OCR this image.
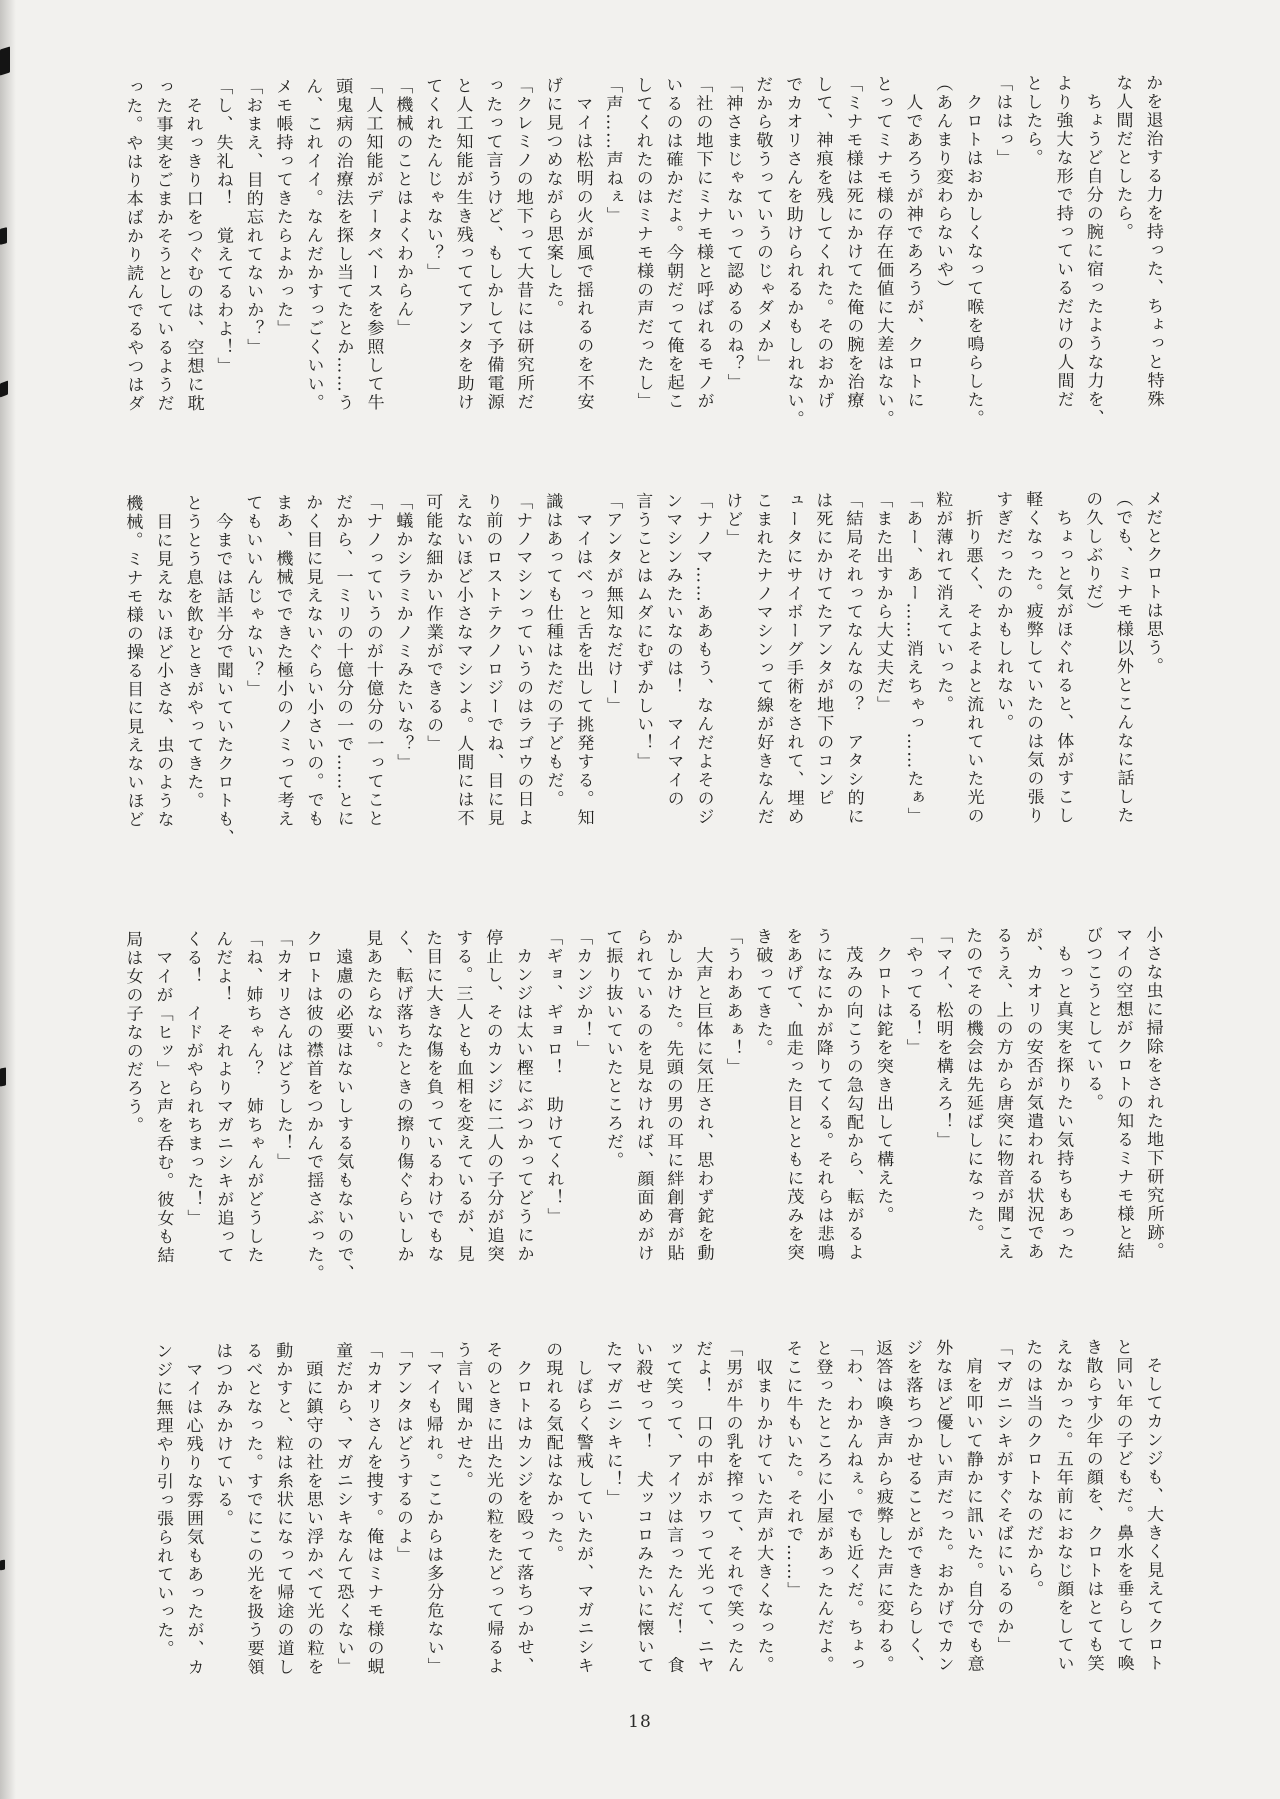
かを退治する力を持った、ちょっと特殊

な人間だとしたら。

　ちょうど自分の腕に宿ったような力を、

より強大な形で持っているだけの人間だ

としたら。

「ははっ」

　クロトはおかしくなって喉を鳴らした。

（あんまり変わらないや）

　人であろうが神であろうが、クロトに

とってミナモ様の存在価値に大差はない。

「ミナモ様は死にかけてた俺の腕を治療

して、神痕を残してくれた。そのおかげ

でカオリさんを助けられるかもしれない。

だから敬うっていうのじゃダメか」

「神さまじゃないって認めるのね？」

「社の地下にミナモ様と呼ばれるモノが

いるのは確かだよ。今朝だって俺を起こ

してくれたのはミナモ様の声だったし」

「声……声ねぇ」

　マイは松明の火が風で揺れるのを不安

げに見つめながら思案した。

「クレミノの地下って大昔には研究所だ

ったって言うけど、もしかして予備電源

と人工知能が生き残っててアンタを助け

てくれたんじゃない？」

「機械のことはよくわからん」

「人工知能がデータベースを参照して牛

頭鬼病の治療法を探し当てたとか……う

ん、これイイ。なんだかすっごくいい。

メモ帳持ってきたらよかった」

「おまえ、目的忘れてないか？」

「し、失礼ね！　覚えてるわよ！」

　それっきり口をつぐむのは、空想に耽

った事実をごまかそうとしているようだ

った。やはり本ばかり読んでるやつはダ

メだとクロトは思う。

（でも、ミナモ様以外とこんなに話した

の久しぶりだ）

　ちょっと気がほぐれると、体がすこし

軽くなった。疲弊していたのは気の張り

すぎだったのかもしれない。

　折り悪く、そよそよと流れていた光の

粒が薄れて消えていった。

「あー、あー……消えちゃっ……たぁ」

「また出すから大丈夫だ」

「結局それってなんなの？　アタシ的に

は死にかけてたアンタが地下のコンピ

ュータにサイボーグ手術をされて、埋め

こまれたナノマシンって線が好きなんだ

けど」

「ナノマ……ああもう、なんだよそのジ

ンマシンみたいなのは！　マイマイの

言うことはムダにむずかしい！」

「アンタが無知なだけー」

　マイはべっと舌を出して挑発する。知

識はあっても仕種はただの子どもだ。

「ナノマシンっていうのはラゴウの日よ

り前のロストテクノロジーでね、目に見

えないほど小さなマシンよ。人間には不

可能な細かい作業ができるの」

「蟻かシラミかノミみたいな？」

「ナノっていうのが十億分の一ってこと

だから、一ミリの十億分の一で……とに

かく目に見えないぐらい小さいの。でも

まあ、機械でできた極小のノミって考え

てもいいんじゃない？」

　今までは話半分で聞いていたクロトも、

とうとう息を飲むときがやってきた。

　目に見えないほど小さな、虫のような

機械。ミナモ様の操る目に見えないほど

小さな虫に掃除をされた地下研究所跡。

マイの空想がクロトの知るミナモ様と結

びつこうとしている。

　もっと真実を探りたい気持ちもあった

が、カオリの安否が気遣われる状況であ

るうえ、上の方から唐突に物音が聞こえ

たのでその機会は先延ばしになった。

「マイ、松明を構えろ！」

「やってる！」

　クロトは鉈を突き出して構えた。

　茂みの向こうの急勾配から、転がるよ

うになにかが降りてくる。それらは悲鳴

をあげて、血走った目とともに茂みを突

き破ってきた。

「うわああぁ！」

　大声と巨体に気圧され、思わず鉈を動

かしかけた。先頭の男の耳に絆創膏が貼

られているのを見なければ、顔面めがけ

て振り抜いていたところだ。

「カンジか！」

「ギョ、ギョロ！　助けてくれ！」

　カンジは太い樫にぶつかってどうにか

停止し、そのカンジに二人の子分が追突

する。三人とも血相を変えているが、見

た目に大きな傷を負っているわけでもな

く、転げ落ちたときの擦り傷ぐらいしか

見あたらない。

　遠慮の必要はないしする気もないので、

クロトは彼の襟首をつかんで揺さぶった。

「カオリさんはどうした！」

「ね、姉ちゃん？　姉ちゃんがどうした

んだよ！　それよりマガニシキが追って

くる！　イドがやられちまった！」

　マイが「ヒッ」と声を呑む。彼女も結

局は女の子なのだろう。

　そしてカンジも、大きく見えてクロト

と同い年の子どもだ。鼻水を垂らして喚

き散らす少年の顔を、クロトはとても笑

えなかった。五年前におなじ顔をしてい

たのは当のクロトなのだから。

「マガニシキがすぐそばにいるのか」

　肩を叩いて静かに訊いた。自分でも意

外なほど優しい声だった。おかげでカン

ジを落ちつかせることができたらしく、

返答は喚き声から疲弊した声に変わる。

「わ、わかんねぇ。でも近くだ。ちょっ

と登ったところに小屋があったんだよ。

そこに牛もいた。それで……」

　収まりかけていた声が大きくなった。

「男が牛の乳を搾って、それで笑ったん

だよ！　口の中がホワって光って、ニヤ

ッて笑って、アイツは言ったんだ！　食

い殺せって！　犬ッコロみたいに懐いて

たマガニシキに！」

　しばらく警戒していたが、マガニシキ

の現れる気配はなかった。

　クロトはカンジを殴って落ちつかせ、

そのときに出た光の粒をたどって帰るよ

う言い聞かせた。

「マイも帰れ。ここからは多分危ない」

「アンタはどうするのよ」

「カオリさんを捜す。俺はミナモ様の蜆

童だから、マガニシキなんて恐くない」

　頭に鎮守の社を思い浮かべて光の粒を

動かすと、粒は糸状になって帰途の道し

るべとなった。すでにこの光を扱う要領

はつかみかけている。

　マイは心残りな雰囲気もあったが、カ

ンジに無理やり引っ張られていった。

18
